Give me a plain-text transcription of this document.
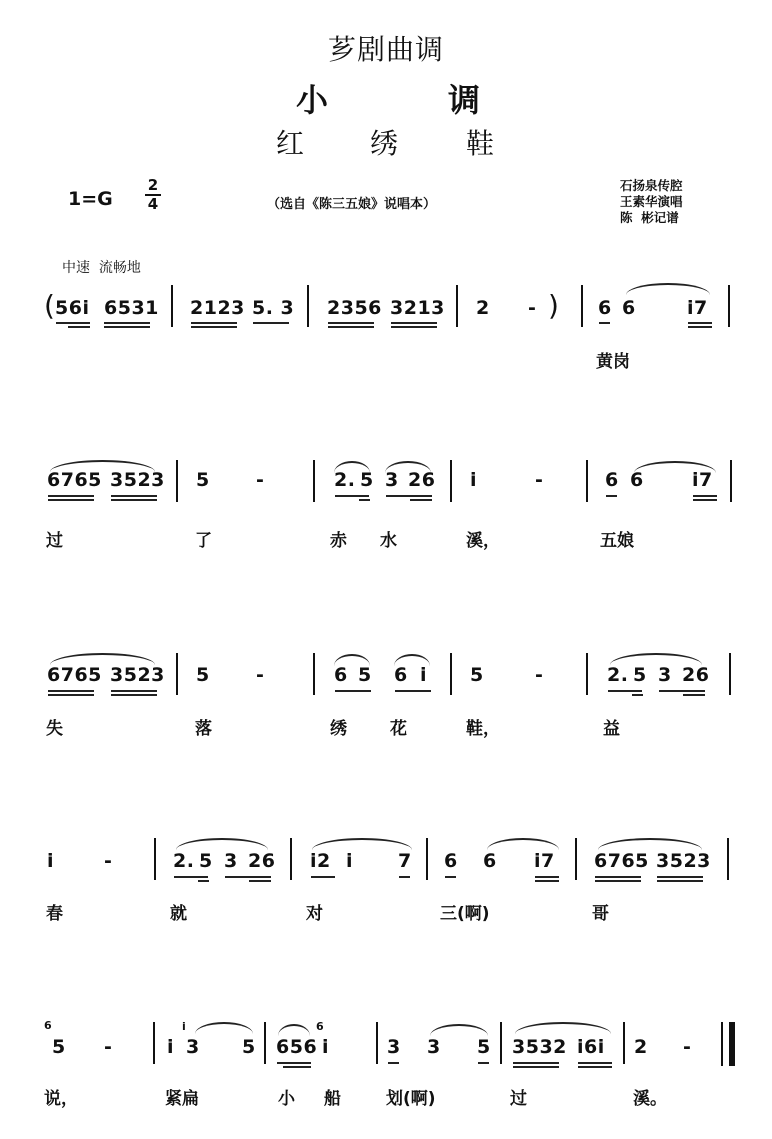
芗剧曲调
小	调
红 绣 鞋
1=G
2
4	（选自《陈三五娘》说唱本）
石扬泉传腔
王素华演唱
陈  彬记谱
中速  流畅地
( 56i 6531 2123 5. 3 2356 3213 2 - ) 6 6	i7
黄岗
6765 3523 5 -	2. 5 3 26 i	-	6 6	i7
过	了	赤 水	溪，	五娘
6765 3523 5 -	6 5 6 i 5	-	2. 5 3 26
失	落	绣	花	鞋，	益
i	-	2. 5 3 26 i2 i 7 6 6 i7 6765 3523
春	就	对	三(啊)	哥
6
5 -	i
i
3 5 656
6
i	3 3 5 3532 i6i 2 -
说，	紧扁	小 船	划(啊)	过	溪。
